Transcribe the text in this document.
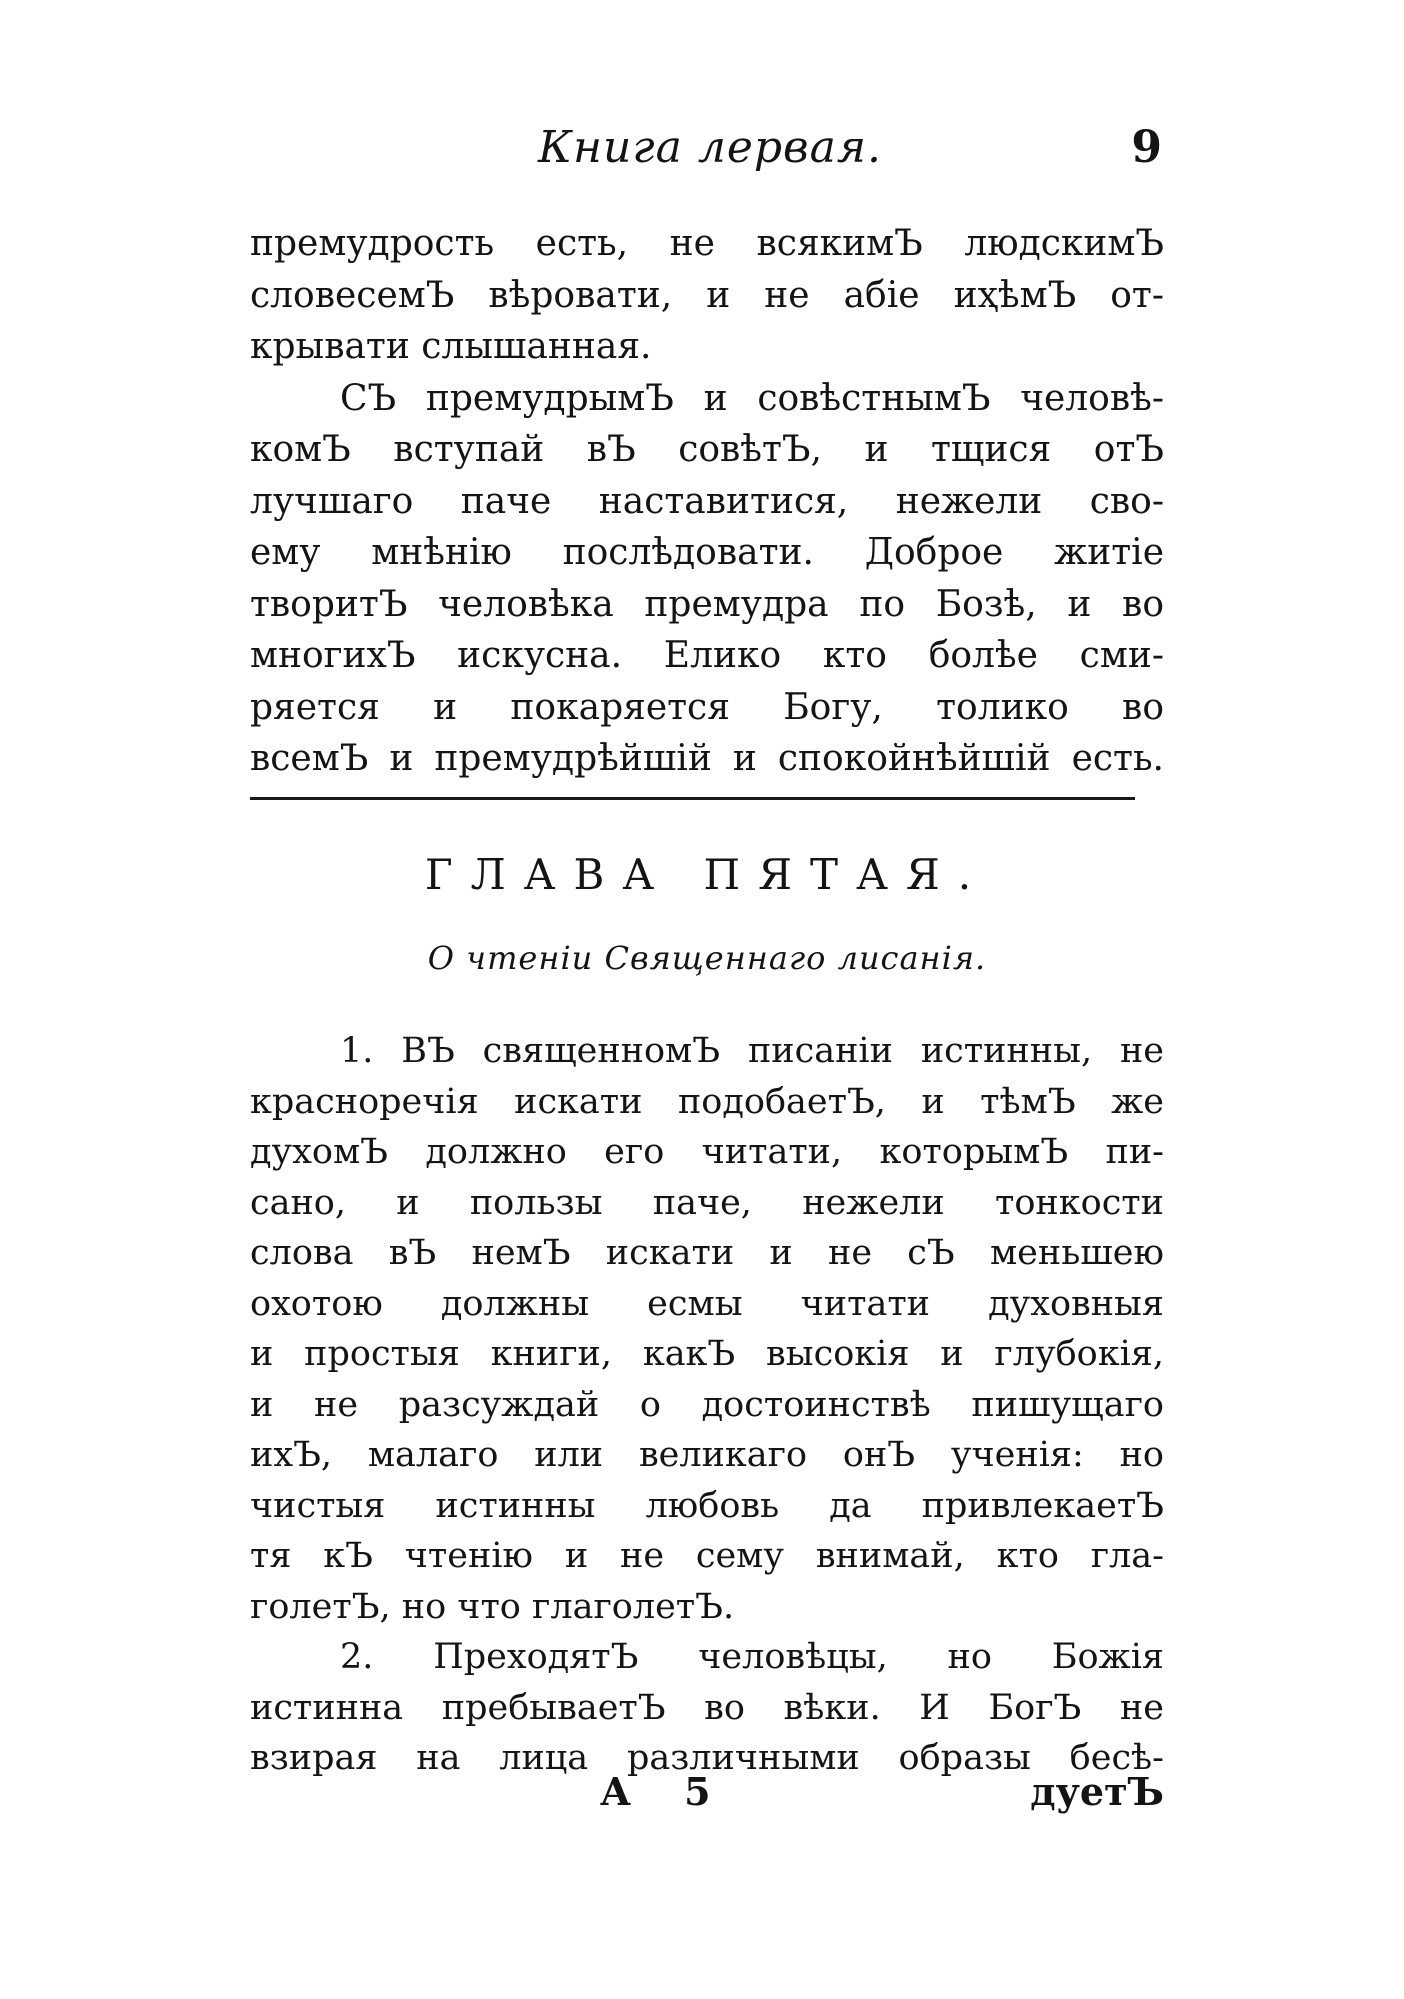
Книга лервая.	9
премудрость есть, не всякимЪ людскимЪ
словесемЪ вѣровати, и не абіе иҳѣмЪ от-
крывати слышанная.
СЪ премудрымЪ и совѣстнымЪ человѣ-
комЪ вступай вЪ совѣтЪ, и тщися отЪ
лучшаго паче наставитися, нежели сво-
ему мнѣнію послѣдовати. Доброе житіе
творитЪ человѣка премудра по Бозѣ, и во
многихЪ искусна. Елико кто болѣе сми-
ряется и покаряется Богу, толико во
всемЪ и премудрѣйшій и спокойнѣйшій есть.
ГЛАВА ПЯТАЯ.
О чтеніи Священнаго лисанія.
1. ВЪ священномЪ писаніи истинны, не
красноречія искати подобаетЪ, и тѣмЪ же
духомЪ должно его читати, которымЪ пи-
сано, и пользы паче, нежели тонкости
слова вЪ немЪ искати и не сЪ меньшею
охотою должны есмы читати духовныя
и простыя книги, какЪ высокія и глубокія,
и не разсуждай о достоинствѣ пишущаго
ихЪ, малаго или великаго онЪ ученія: но
чистыя истинны любовь да привлекаетЪ
тя кЪ чтенію и не сему внимай, кто гла-
голетЪ, но что глаголетЪ.
2. ПреходятЪ человѣцы, но Божія
истинна пребываетЪ во вѣки. И БогЪ не
взирая на лица различными образы бесѣ-
А 5	дуетЪ
